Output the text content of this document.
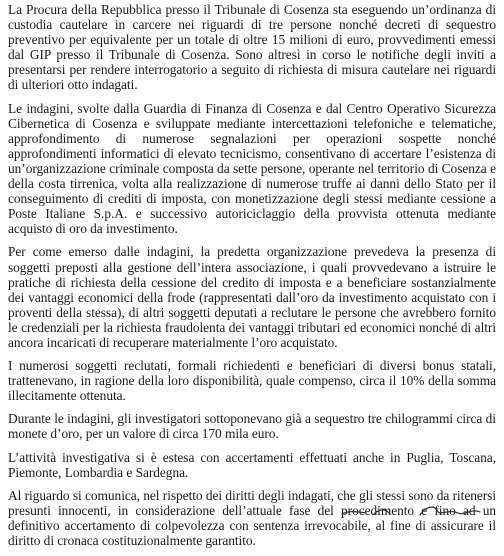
La Procura della Repubblica presso il Tribunale di Cosenza sta eseguendo un’ordinanza di custodia cautelare in carcere nei riguardi di tre persone nonché decreti di sequestro preventivo per equivalente per un totale di oltre 15 milioni di euro, provvedimenti emessi dal GIP presso il Tribunale di Cosenza. Sono altresì in corso le notifiche degli inviti a presentarsi per rendere interrogatorio a seguito di richiesta di misura cautelare nei riguardi di ulteriori otto indagati.

Le indagini, svolte dalla Guardia di Finanza di Cosenza e dal Centro Operativo Sicurezza Cibernetica di Cosenza e sviluppate mediante intercettazioni telefoniche e telematiche, approfondimento di numerose segnalazioni per operazioni sospette nonché approfondimenti informatici di elevato tecnicismo, consentivano di accertare l’esistenza di un’organizzazione criminale composta da sette persone, operante nel territorio di Cosenza e della costa tirrenica, volta alla realizzazione di numerose truffe ai danni dello Stato per il conseguimento di crediti di imposta, con monetizzazione degli stessi mediante cessione a Poste Italiane S.p.A. e successivo autoriciclaggio della provvista ottenuta mediante acquisto di oro da investimento.

Per come emerso dalle indagini, la predetta organizzazione prevedeva la presenza di soggetti preposti alla gestione dell’intera associazione, i quali provvedevano a istruire le pratiche di richiesta della cessione del credito di imposta e a beneficiare sostanzialmente dei vantaggi economici della frode (rappresentati dall’oro da investimento acquistato con i proventi della stessa), di altri soggetti deputati a reclutare le persone che avrebbero fornito le credenziali per la richiesta fraudolenta dei vantaggi tributari ed economici nonché di altri ancora incaricati di recuperare materialmente l’oro acquistato.

I numerosi soggetti reclutati, formali richiedenti e beneficiari di diversi bonus statali, trattenevano, in ragione della loro disponibilità, quale compenso, circa il 10% della somma illecitamente ottenuta.

Durante le indagini, gli investigatori sottoponevano già a sequestro tre chilogrammi circa di monete d’oro, per un valore di circa 170 mila euro.

L’attività investigativa si è estesa con accertamenti effettuati anche in Puglia, Toscana, Piemonte, Lombardia e Sardegna.

Al riguardo si comunica, nel rispetto dei diritti degli indagati, che gli stessi sono da ritenersi presunti innocenti, in considerazione dell’attuale fase del procedimento e fino ad un definitivo accertamento di colpevolezza con sentenza irrevocabile, al fine di assicurare il diritto di cronaca costituzionalmente garantito.
